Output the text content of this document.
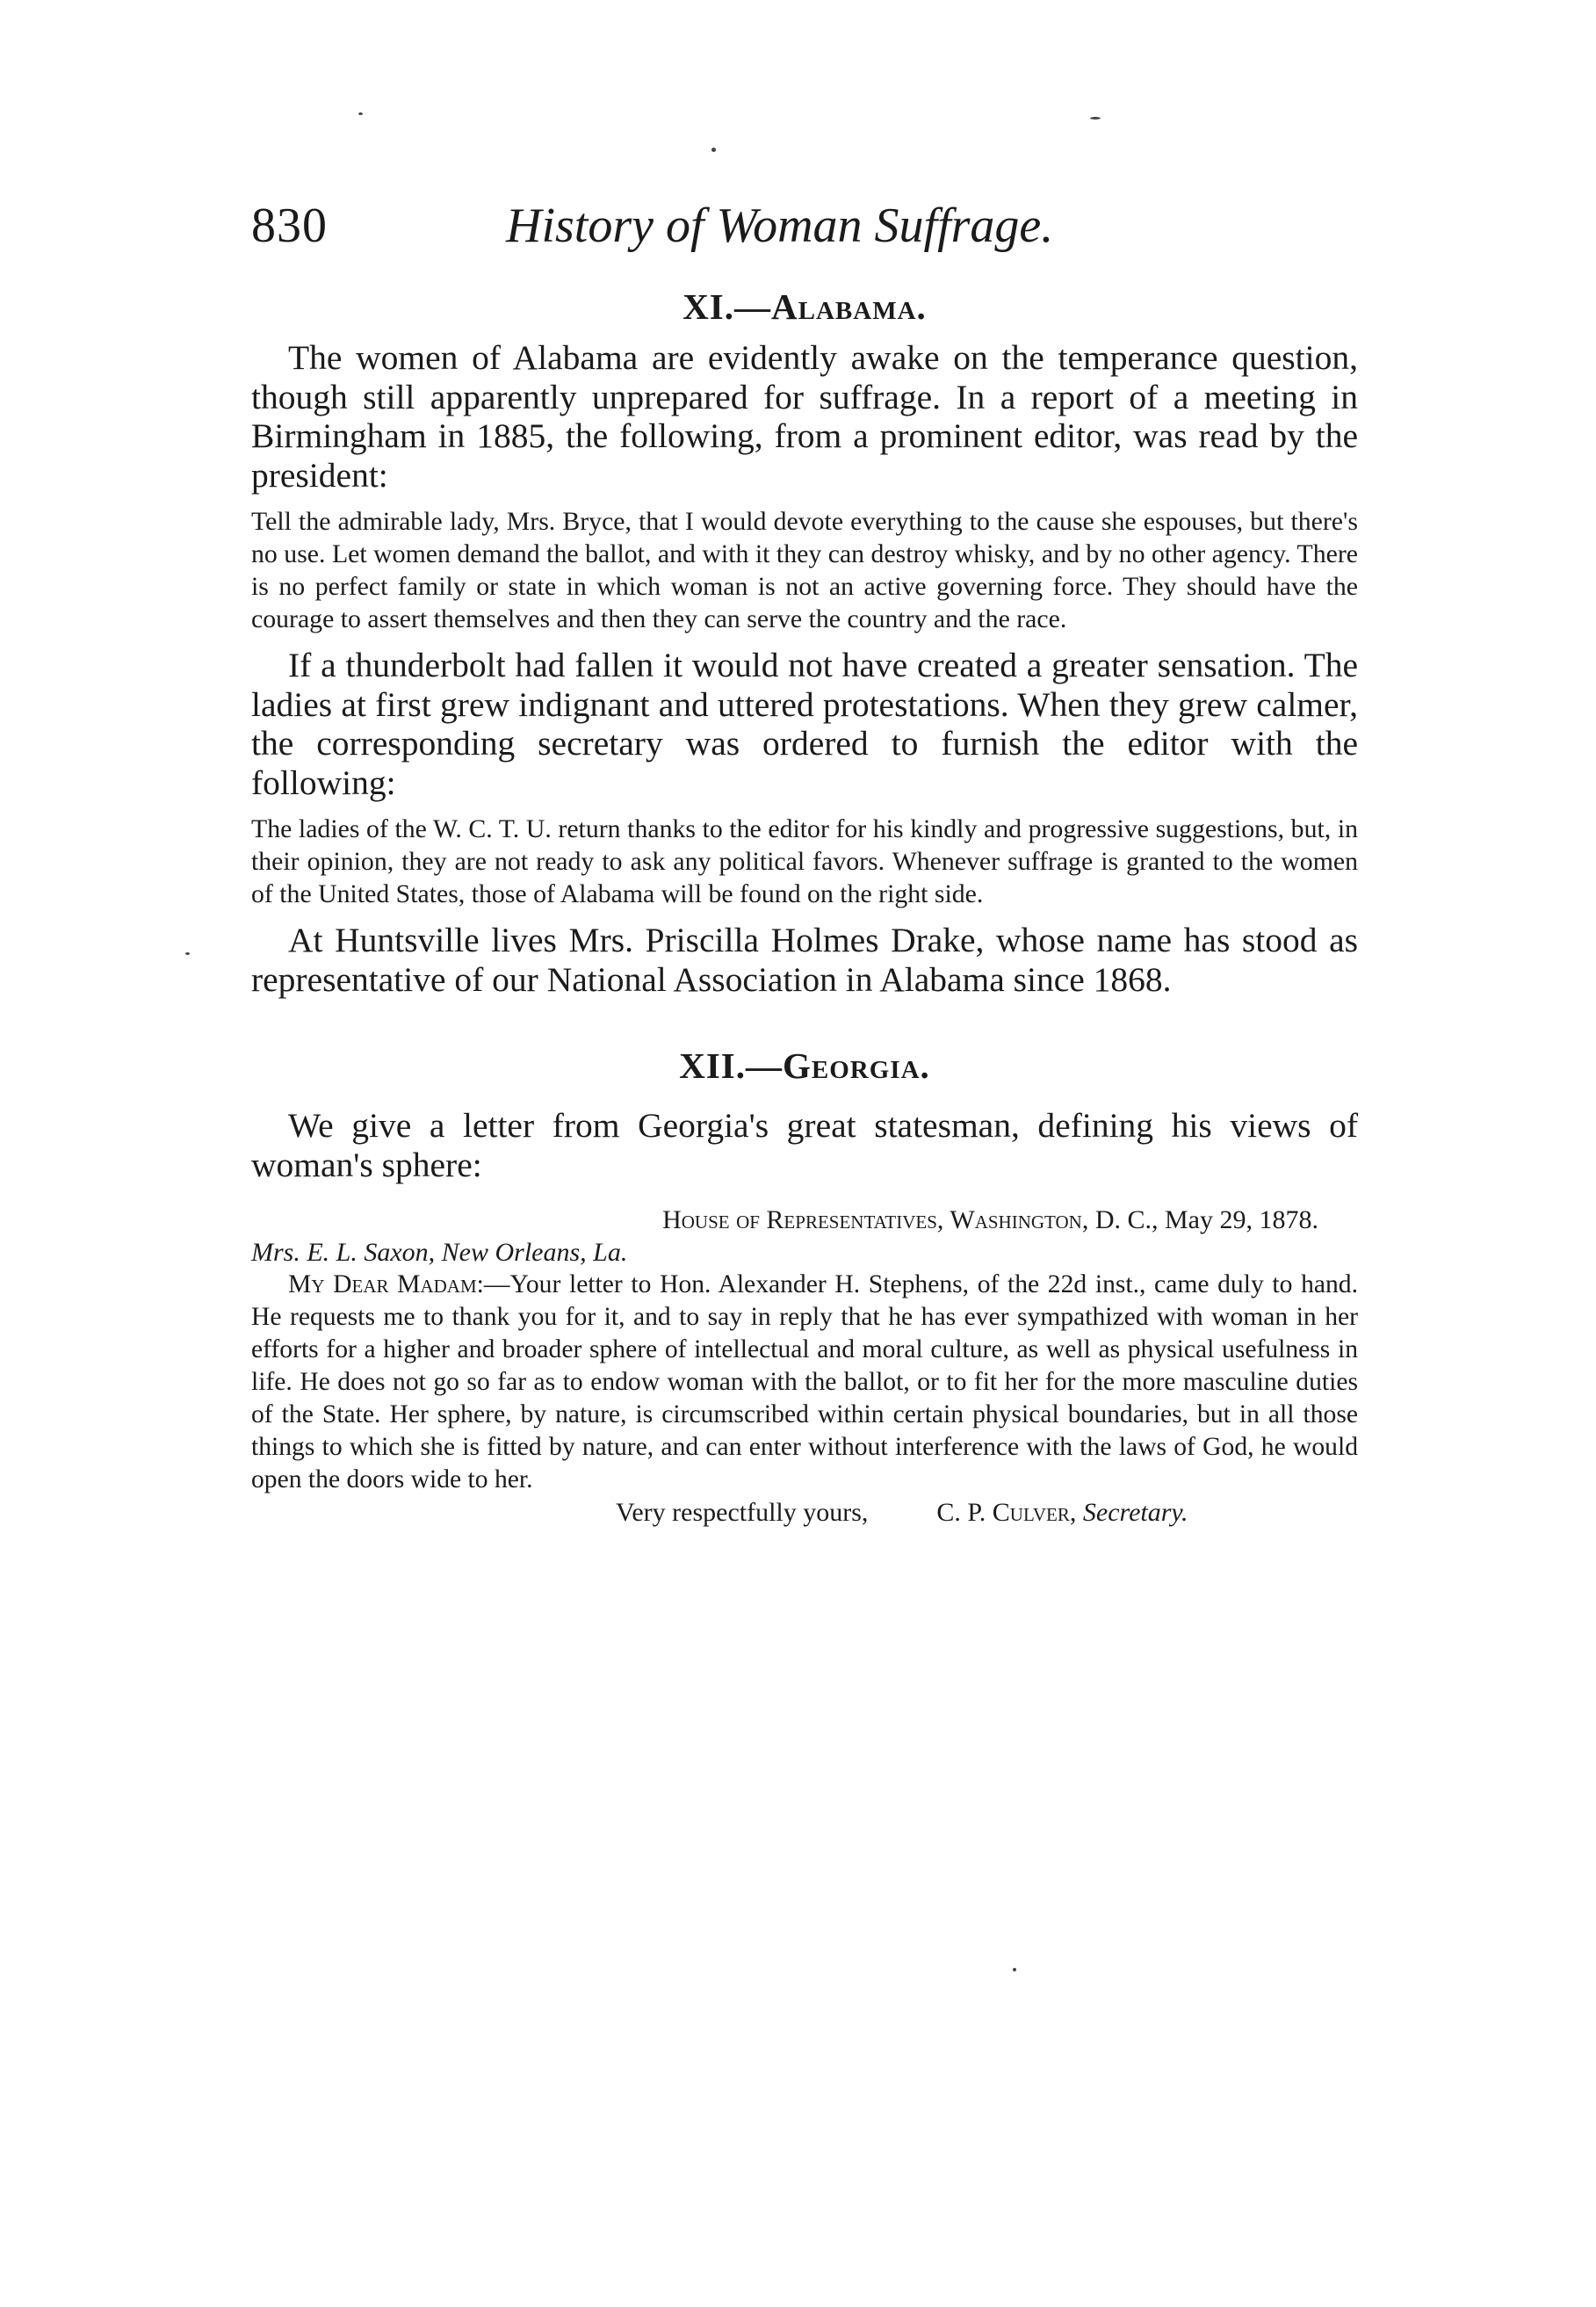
830	History of Woman Suffrage.
XI.—Alabama.

The women of Alabama are evidently awake on the temperance question, though still apparently unprepared for suffrage. In a report of a meeting in Birmingham in 1885, the following, from a prominent editor, was read by the president:

Tell the admirable lady, Mrs. Bryce, that I would devote everything to the cause she espouses, but there's no use. Let women demand the ballot, and with it they can destroy whisky, and by no other agency. There is no perfect family or state in which woman is not an active governing force. They should have the courage to assert themselves and then they can serve the country and the race.

If a thunderbolt had fallen it would not have created a greater sensation. The ladies at first grew indignant and uttered protestations. When they grew calmer, the corresponding secretary was ordered to furnish the editor with the following:

The ladies of the W. C. T. U. return thanks to the editor for his kindly and progressive suggestions, but, in their opinion, they are not ready to ask any political favors. Whenever suffrage is granted to the women of the United States, those of Alabama will be found on the right side.

At Huntsville lives Mrs. Priscilla Holmes Drake, whose name has stood as representative of our National Association in Alabama since 1868.

XII.—Georgia.

We give a letter from Georgia's great statesman, defining his views of woman's sphere:

House of Representatives, Washington, D. C., May 29, 1878.

Mrs. E. L. Saxon, New Orleans, La.

My Dear Madam:—Your letter to Hon. Alexander H. Stephens, of the 22d inst., came duly to hand. He requests me to thank you for it, and to say in reply that he has ever sympathized with woman in her efforts for a higher and broader sphere of intellectual and moral culture, as well as physical usefulness in life. He does not go so far as to endow woman with the ballot, or to fit her for the more masculine duties of the State. Her sphere, by nature, is circumscribed within certain physical boundaries, but in all those things to which she is fitted by nature, and can enter without interference with the laws of God, he would open the doors wide to her.

Very respectfully yours,	C. P. Culver, Secretary.
